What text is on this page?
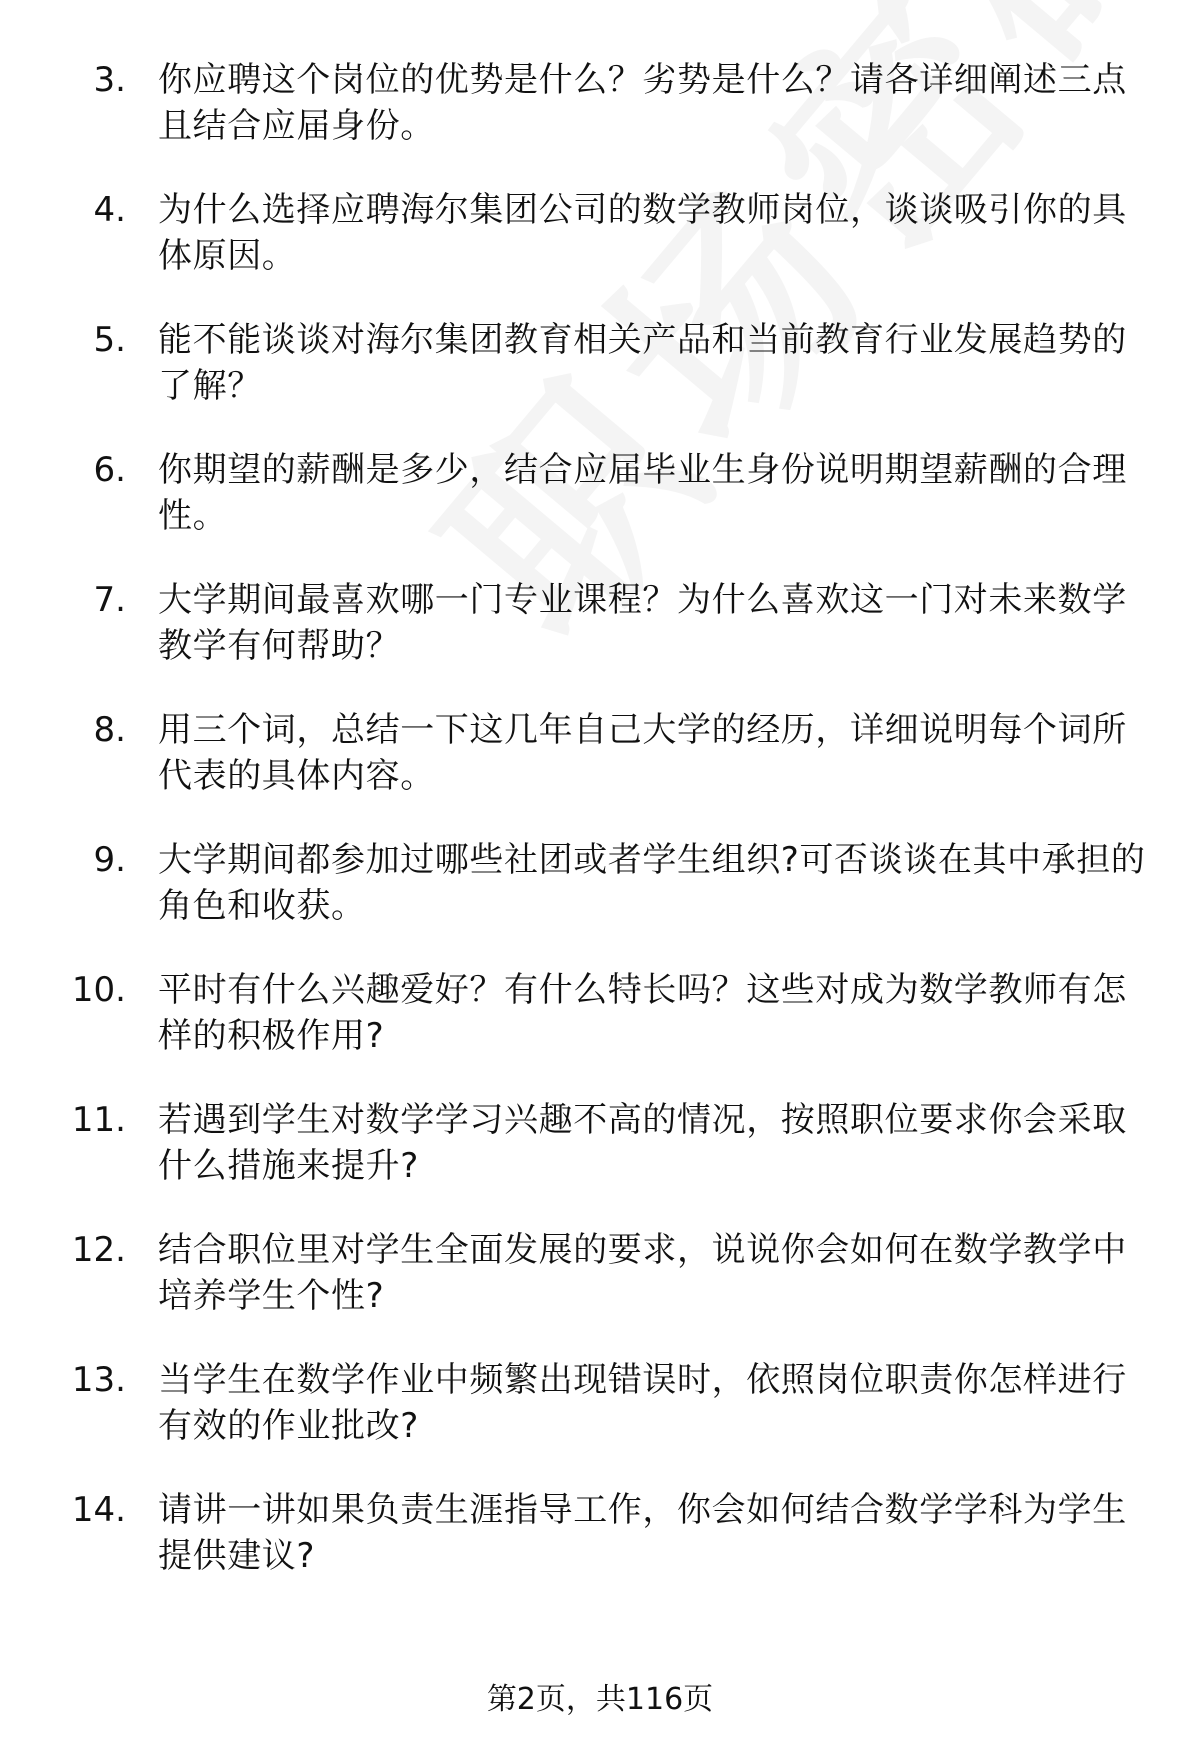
3. 你应聘这个岗位的优势是什么？劣势是什么？请各详细阐述三点且结合应届身份。
4. 为什么选择应聘海尔集团公司的数学教师岗位，谈谈吸引你的具体原因。
5. 能不能谈谈对海尔集团教育相关产品和当前教育行业发展趋势的了解？
6. 你期望的薪酬是多少，结合应届毕业生身份说明期望薪酬的合理性。
7. 大学期间最喜欢哪一门专业课程？为什么喜欢这一门对未来数学教学有何帮助？
8. 用三个词，总结一下这几年自己大学的经历，详细说明每个词所代表的具体内容。
9. 大学期间都参加过哪些社团或者学生组织?可否谈谈在其中承担的角色和收获。
10. 平时有什么兴趣爱好？有什么特长吗？这些对成为数学教师有怎样的积极作用?
11. 若遇到学生对数学学习兴趣不高的情况，按照职位要求你会采取什么措施来提升?
12. 结合职位里对学生全面发展的要求，说说你会如何在数学教学中培养学生个性?
13. 当学生在数学作业中频繁出现错误时，依照岗位职责你怎样进行有效的作业批改?
14. 请讲一讲如果负责生涯指导工作，你会如何结合数学学科为学生提供建议?
第2页，共116页
